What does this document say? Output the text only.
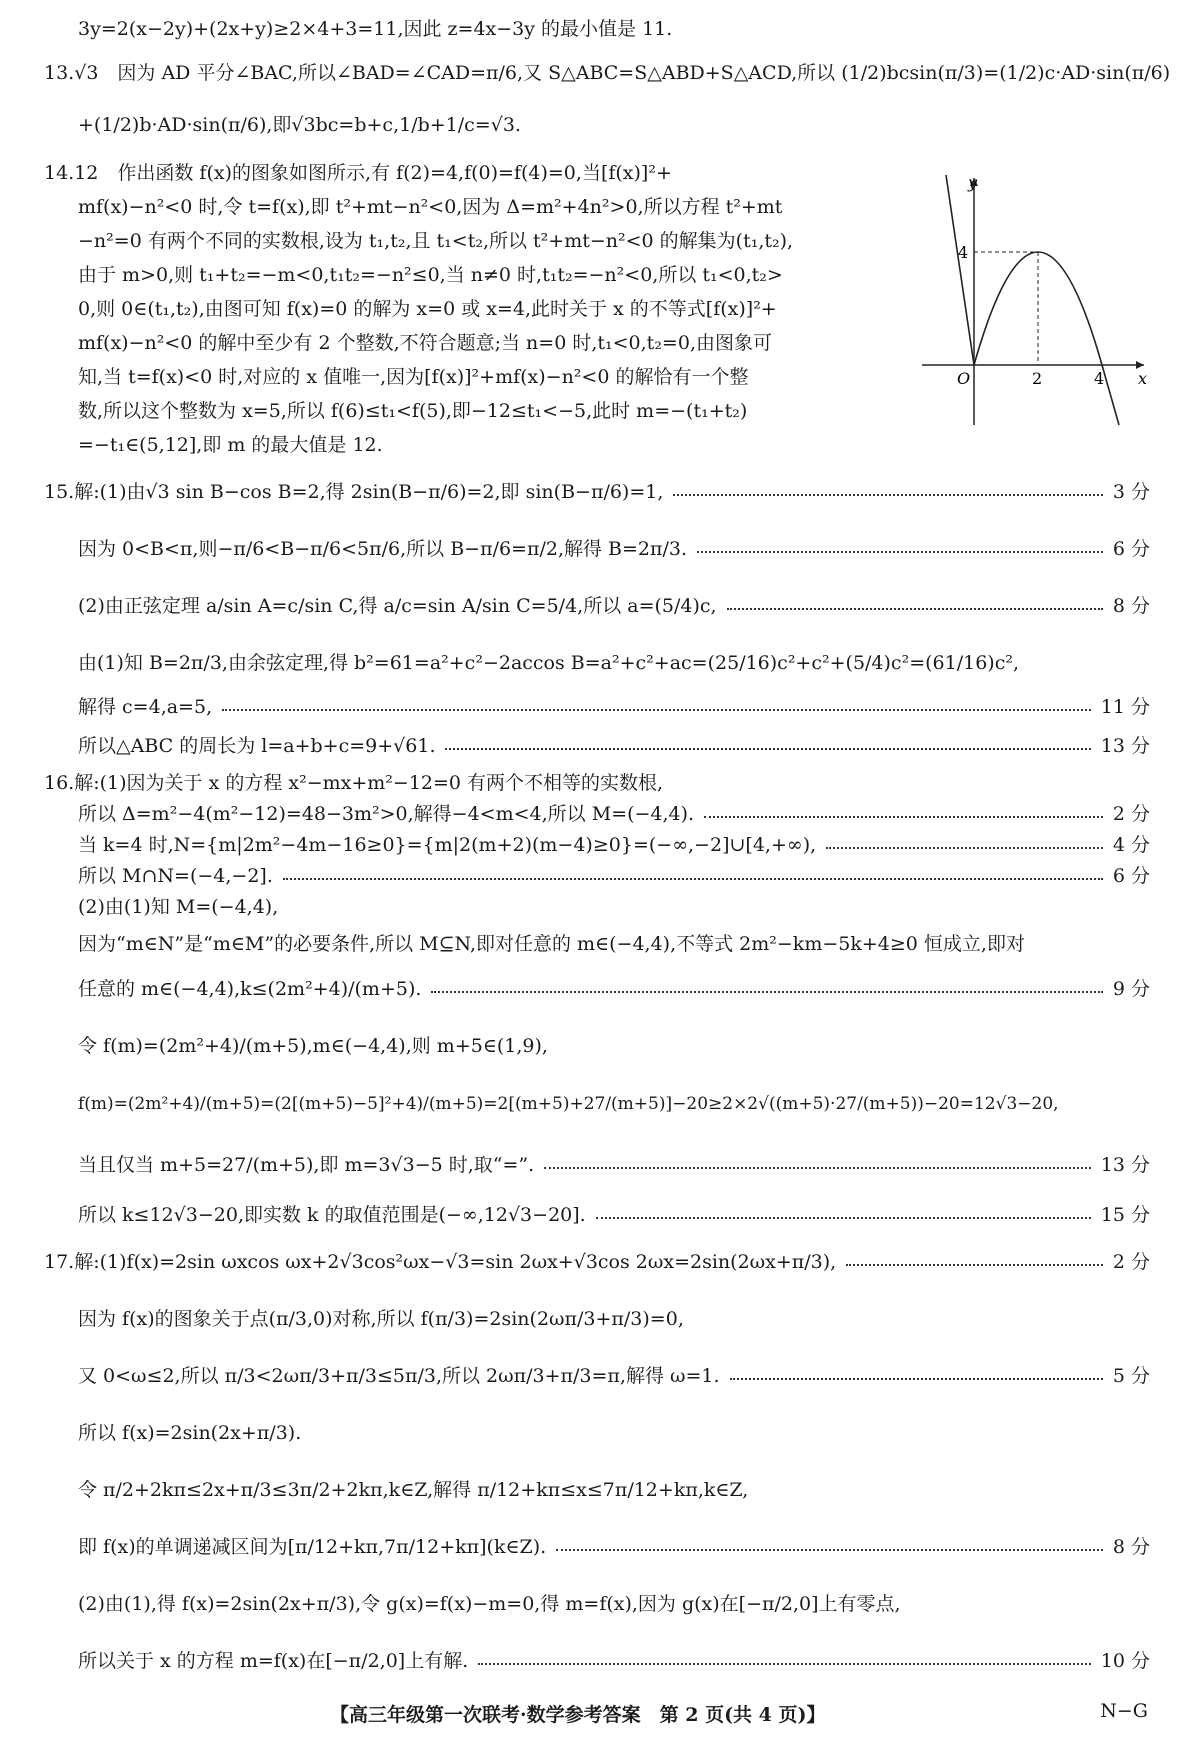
3y=2(x−2y)+(2x+y)≥2×4+3=11,因此 z=4x−3y 的最小值是 11.
13.√3　因为 AD 平分∠BAC,所以∠BAD=∠CAD=π/6,又 S△ABC=S△ABD+S△ACD,所以 (1/2)bcsin(π/3)=(1/2)c·AD·sin(π/6)
+(1/2)b·AD·sin(π/6),即√3bc=b+c,1/b+1/c=√3.
14.12　作出函数 f(x)的图象如图所示,有 f(2)=4,f(0)=f(4)=0,当[f(x)]²+
mf(x)−n²<0 时,令 t=f(x),即 t²+mt−n²<0,因为 Δ=m²+4n²>0,所以方程 t²+mt
−n²=0 有两个不同的实数根,设为 t₁,t₂,且 t₁<t₂,所以 t²+mt−n²<0 的解集为(t₁,t₂),
由于 m>0,则 t₁+t₂=−m<0,t₁t₂=−n²≤0,当 n≠0 时,t₁t₂=−n²<0,所以 t₁<0,t₂>
0,则 0∈(t₁,t₂),由图可知 f(x)=0 的解为 x=0 或 x=4,此时关于 x 的不等式[f(x)]²+
mf(x)−n²<0 的解中至少有 2 个整数,不符合题意;当 n=0 时,t₁<0,t₂=0,由图象可
知,当 t=f(x)<0 时,对应的 x 值唯一,因为[f(x)]²+mf(x)−n²<0 的解恰有一个整
数,所以这个整数为 x=5,所以 f(6)≤t₁<f(5),即−12≤t₁<−5,此时 m=−(t₁+t₂)
=−t₁∈(5,12],即 m 的最大值是 12.
y
x
O
4
2	4
15.解:(1)由√3 sin B−cos B=2,得 2sin(B−π/6)=2,即 sin(B−π/6)=1,	3 分
因为 0<B<π,则−π/6<B−π/6<5π/6,所以 B−π/6=π/2,解得 B=2π/3.	6 分
(2)由正弦定理 a/sin A=c/sin C,得 a/c=sin A/sin C=5/4,所以 a=(5/4)c,	8 分
由(1)知 B=2π/3,由余弦定理,得 b²=61=a²+c²−2accos B=a²+c²+ac=(25/16)c²+c²+(5/4)c²=(61/16)c²,
解得 c=4,a=5,	11 分
所以△ABC 的周长为 l=a+b+c=9+√61.	13 分
16.解:(1)因为关于 x 的方程 x²−mx+m²−12=0 有两个不相等的实数根,
所以 Δ=m²−4(m²−12)=48−3m²>0,解得−4<m<4,所以 M=(−4,4).	2 分
当 k=4 时,N={m|2m²−4m−16≥0}={m|2(m+2)(m−4)≥0}=(−∞,−2]∪[4,+∞),	4 分
所以 M∩N=(−4,−2].	6 分
(2)由(1)知 M=(−4,4),
因为“m∈N”是“m∈M”的必要条件,所以 M⊆N,即对任意的 m∈(−4,4),不等式 2m²−km−5k+4≥0 恒成立,即对
任意的 m∈(−4,4),k≤(2m²+4)/(m+5).	9 分
令 f(m)=(2m²+4)/(m+5),m∈(−4,4),则 m+5∈(1,9),
f(m)=(2m²+4)/(m+5)=(2[(m+5)−5]²+4)/(m+5)=2[(m+5)+27/(m+5)]−20≥2×2√((m+5)·27/(m+5))−20=12√3−20,
当且仅当 m+5=27/(m+5),即 m=3√3−5 时,取“=”.	13 分
所以 k≤12√3−20,即实数 k 的取值范围是(−∞,12√3−20].	15 分
17.解:(1)f(x)=2sin ωxcos ωx+2√3cos²ωx−√3=sin 2ωx+√3cos 2ωx=2sin(2ωx+π/3),	2 分
因为 f(x)的图象关于点(π/3,0)对称,所以 f(π/3)=2sin(2ωπ/3+π/3)=0,
又 0<ω≤2,所以 π/3<2ωπ/3+π/3≤5π/3,所以 2ωπ/3+π/3=π,解得 ω=1.	5 分
所以 f(x)=2sin(2x+π/3).
令 π/2+2kπ≤2x+π/3≤3π/2+2kπ,k∈Z,解得 π/12+kπ≤x≤7π/12+kπ,k∈Z,
即 f(x)的单调递减区间为[π/12+kπ,7π/12+kπ](k∈Z).	8 分
(2)由(1),得 f(x)=2sin(2x+π/3),令 g(x)=f(x)−m=0,得 m=f(x),因为 g(x)在[−π/2,0]上有零点,
所以关于 x 的方程 m=f(x)在[−π/2,0]上有解.	10 分
【高三年级第一次联考·数学参考答案　第 2 页(共 4 页)】	N−G
